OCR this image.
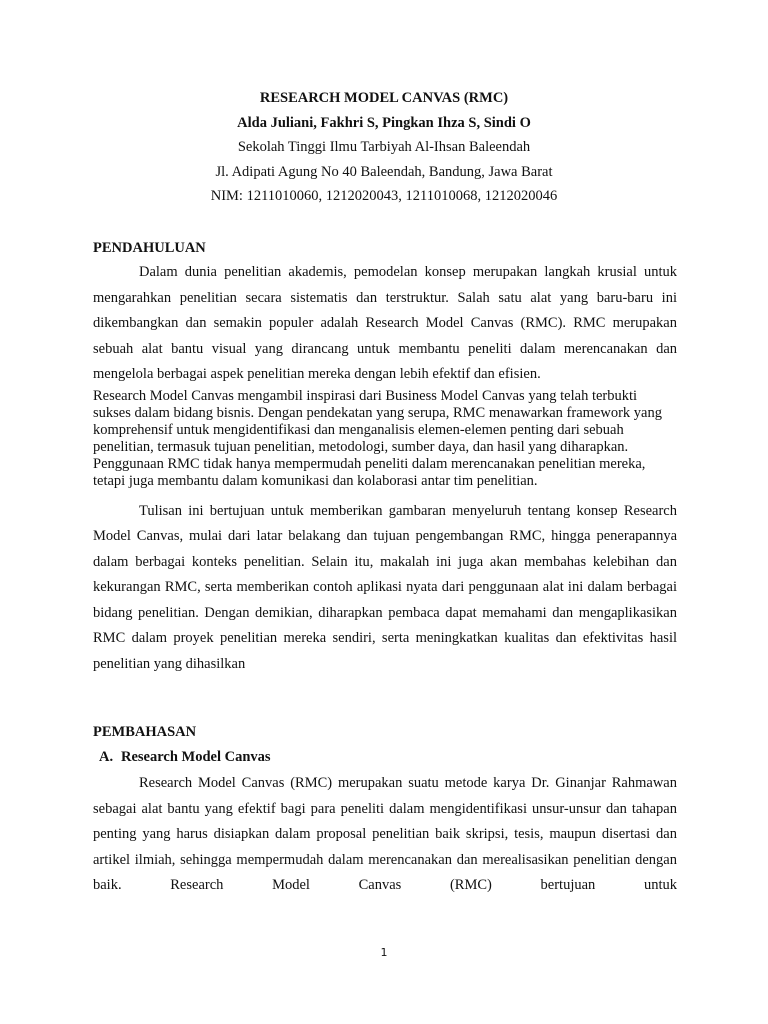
RESEARCH MODEL CANVAS (RMC)
Alda Juliani, Fakhri S, Pingkan Ihza S, Sindi O
Sekolah Tinggi Ilmu Tarbiyah Al-Ihsan Baleendah
Jl. Adipati Agung No 40 Baleendah, Bandung, Jawa Barat
NIM: 1211010060, 1212020043, 1211010068, 1212020046
PENDAHULUAN

Dalam dunia penelitian akademis, pemodelan konsep merupakan langkah krusial untuk mengarahkan penelitian secara sistematis dan terstruktur. Salah satu alat yang baru-baru ini dikembangkan dan semakin populer adalah Research Model Canvas (RMC). RMC merupakan sebuah alat bantu visual yang dirancang untuk membantu peneliti dalam merencanakan dan mengelola berbagai aspek penelitian mereka dengan lebih efektif dan efisien.

Research Model Canvas mengambil inspirasi dari Business Model Canvas yang telah terbukti sukses dalam bidang bisnis. Dengan pendekatan yang serupa, RMC menawarkan framework yang komprehensif untuk mengidentifikasi dan menganalisis elemen-elemen penting dari sebuah penelitian, termasuk tujuan penelitian, metodologi, sumber daya, dan hasil yang diharapkan. Penggunaan RMC tidak hanya mempermudah peneliti dalam merencanakan penelitian mereka, tetapi juga membantu dalam komunikasi dan kolaborasi antar tim penelitian.

Tulisan ini bertujuan untuk memberikan gambaran menyeluruh tentang konsep Research Model Canvas, mulai dari latar belakang dan tujuan pengembangan RMC, hingga penerapannya dalam berbagai konteks penelitian. Selain itu, makalah ini juga akan membahas kelebihan dan kekurangan RMC, serta memberikan contoh aplikasi nyata dari penggunaan alat ini dalam berbagai bidang penelitian. Dengan demikian, diharapkan pembaca dapat memahami dan mengaplikasikan RMC dalam proyek penelitian mereka sendiri, serta meningkatkan kualitas dan efektivitas hasil penelitian yang dihasilkan

PEMBAHASAN
A. Research Model Canvas

Research Model Canvas (RMC) merupakan suatu metode karya Dr. Ginanjar Rahmawan sebagai alat bantu yang efektif bagi para peneliti dalam mengidentifikasi unsur-unsur dan tahapan penting yang harus disiapkan dalam proposal penelitian baik skripsi, tesis, maupun disertasi dan artikel ilmiah, sehingga mempermudah dalam merencanakan dan merealisasikan penelitian dengan baik. Research Model Canvas (RMC) bertujuan untuk

1
